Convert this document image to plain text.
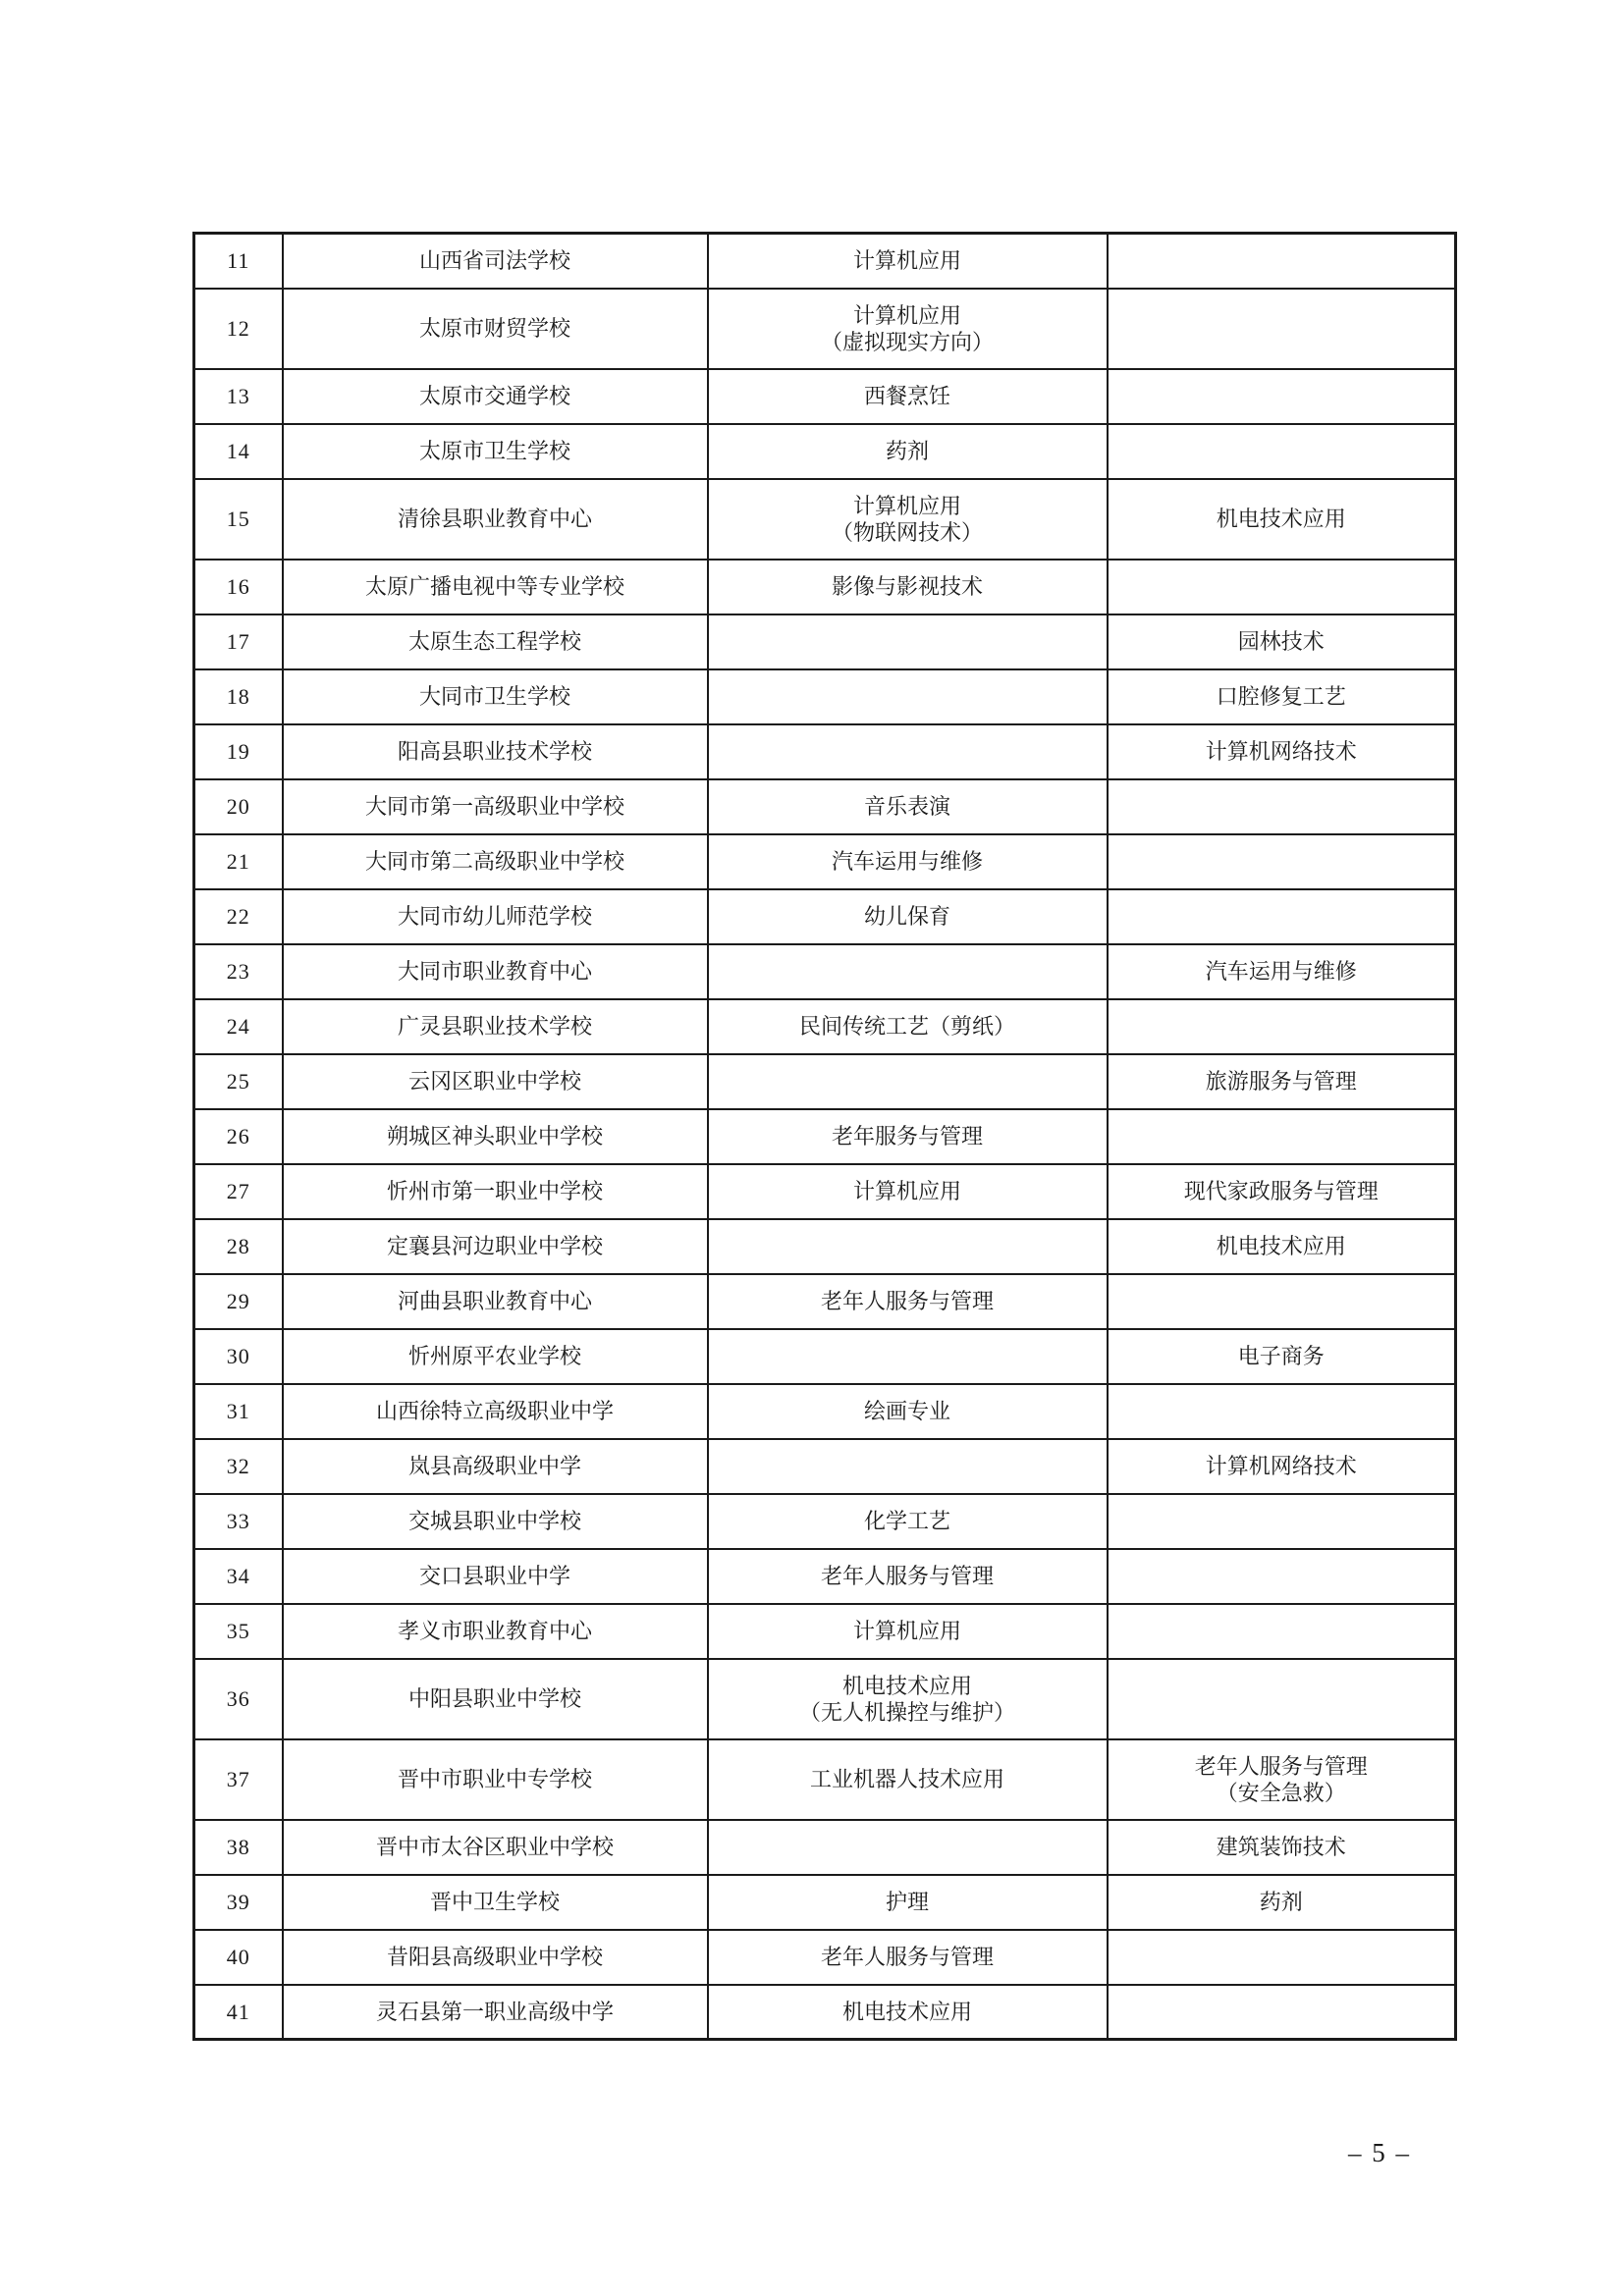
11	山西省司法学校	计算机应用	

12	太原市财贸学校	计算机应用
（虚拟现实方向）	

13	太原市交通学校	西餐烹饪	

14	太原市卫生学校	药剂	

15	清徐县职业教育中心	计算机应用
（物联网技术）	机电技术应用

16	太原广播电视中等专业学校	影像与影视技术	

17	太原生态工程学校		园林技术

18	大同市卫生学校		口腔修复工艺

19	阳高县职业技术学校		计算机网络技术

20	大同市第一高级职业中学校	音乐表演	

21	大同市第二高级职业中学校	汽车运用与维修	

22	大同市幼儿师范学校	幼儿保育	

23	大同市职业教育中心		汽车运用与维修

24	广灵县职业技术学校	民间传统工艺（剪纸）	

25	云冈区职业中学校		旅游服务与管理

26	朔城区神头职业中学校	老年服务与管理	

27	忻州市第一职业中学校	计算机应用	现代家政服务与管理

28	定襄县河边职业中学校		机电技术应用

29	河曲县职业教育中心	老年人服务与管理	

30	忻州原平农业学校		电子商务

31	山西徐特立高级职业中学	绘画专业	

32	岚县高级职业中学		计算机网络技术

33	交城县职业中学校	化学工艺	

34	交口县职业中学	老年人服务与管理	

35	孝义市职业教育中心	计算机应用	

36	中阳县职业中学校	机电技术应用
（无人机操控与维护）	

37	晋中市职业中专学校	工业机器人技术应用	老年人服务与管理
（安全急救）

38	晋中市太谷区职业中学校		建筑装饰技术

39	晋中卫生学校	护理	药剂

40	昔阳县高级职业中学校	老年人服务与管理	

41	灵石县第一职业高级中学	机电技术应用	

– 5 –
